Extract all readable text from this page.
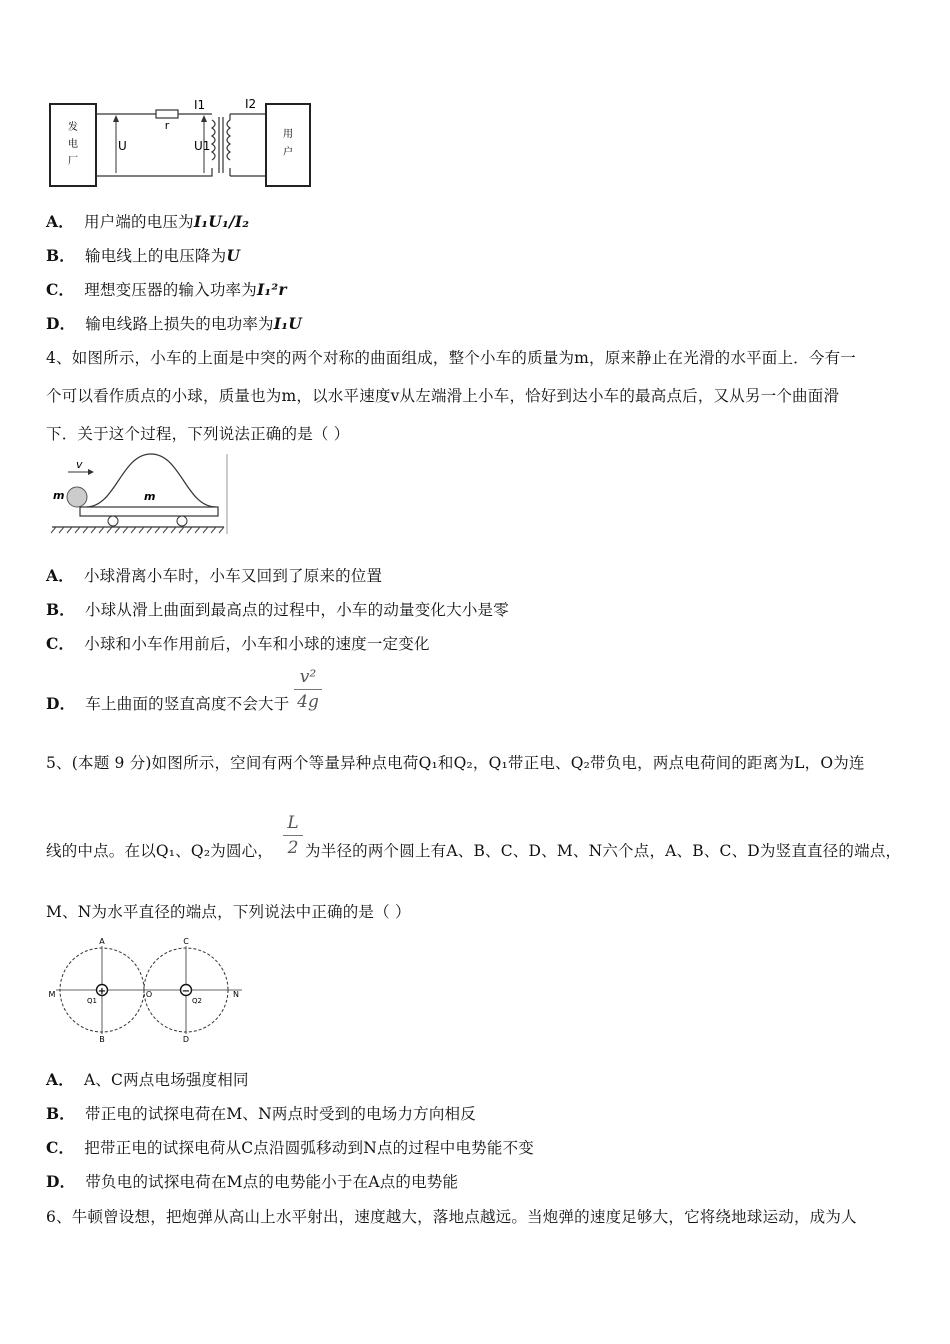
发
电
厂
r
U	U1
I1	I2
用
户
A． 用户端的电压为I₁U₁/I₂
B． 输电线上的电压降为U
C． 理想变压器的输入功率为I₁²r
D． 输电线路上损失的电功率为I₁U
4、如图所示，小车的上面是中突的两个对称的曲面组成，整个小车的质量为m，原来静止在光滑的水平面上．今有一
个可以看作质点的小球，质量也为m，以水平速度v从左端滑上小车，恰好到达小车的最高点后，又从另一个曲面滑
下．关于这个过程，下列说法正确的是（ ）
v
m	m
A． 小球滑离小车时，小车又回到了原来的位置
B． 小球从滑上曲面到最高点的过程中，小车的动量变化大小是零
C． 小球和小车作用前后，小车和小球的速度一定变化
D． 车上曲面的竖直高度不会大于
v²
4g
5、(本题 9 分)如图所示，空间有两个等量异种点电荷Q₁和Q₂，Q₁带正电、Q₂带负电，两点电荷间的距离为L，O为连
线的中点。在以Q₁、Q₂为圆心， 为半径的两个圆上有A、B、C、D、M、N六个点，A、B、C、D为竖直直径的端点，
L
2
M、N为水平直径的端点，下列说法中正确的是（ ）
+	−
A
B
C
D
M	N
O
Q1	Q2
A． A、C两点电场强度相同
B． 带正电的试探电荷在M、N两点时受到的电场力方向相反
C． 把带正电的试探电荷从C点沿圆弧移动到N点的过程中电势能不变
D． 带负电的试探电荷在M点的电势能小于在A点的电势能
6、牛顿曾设想，把炮弹从高山上水平射出，速度越大，落地点越远。当炮弹的速度足够大，它将绕地球运动，成为人
